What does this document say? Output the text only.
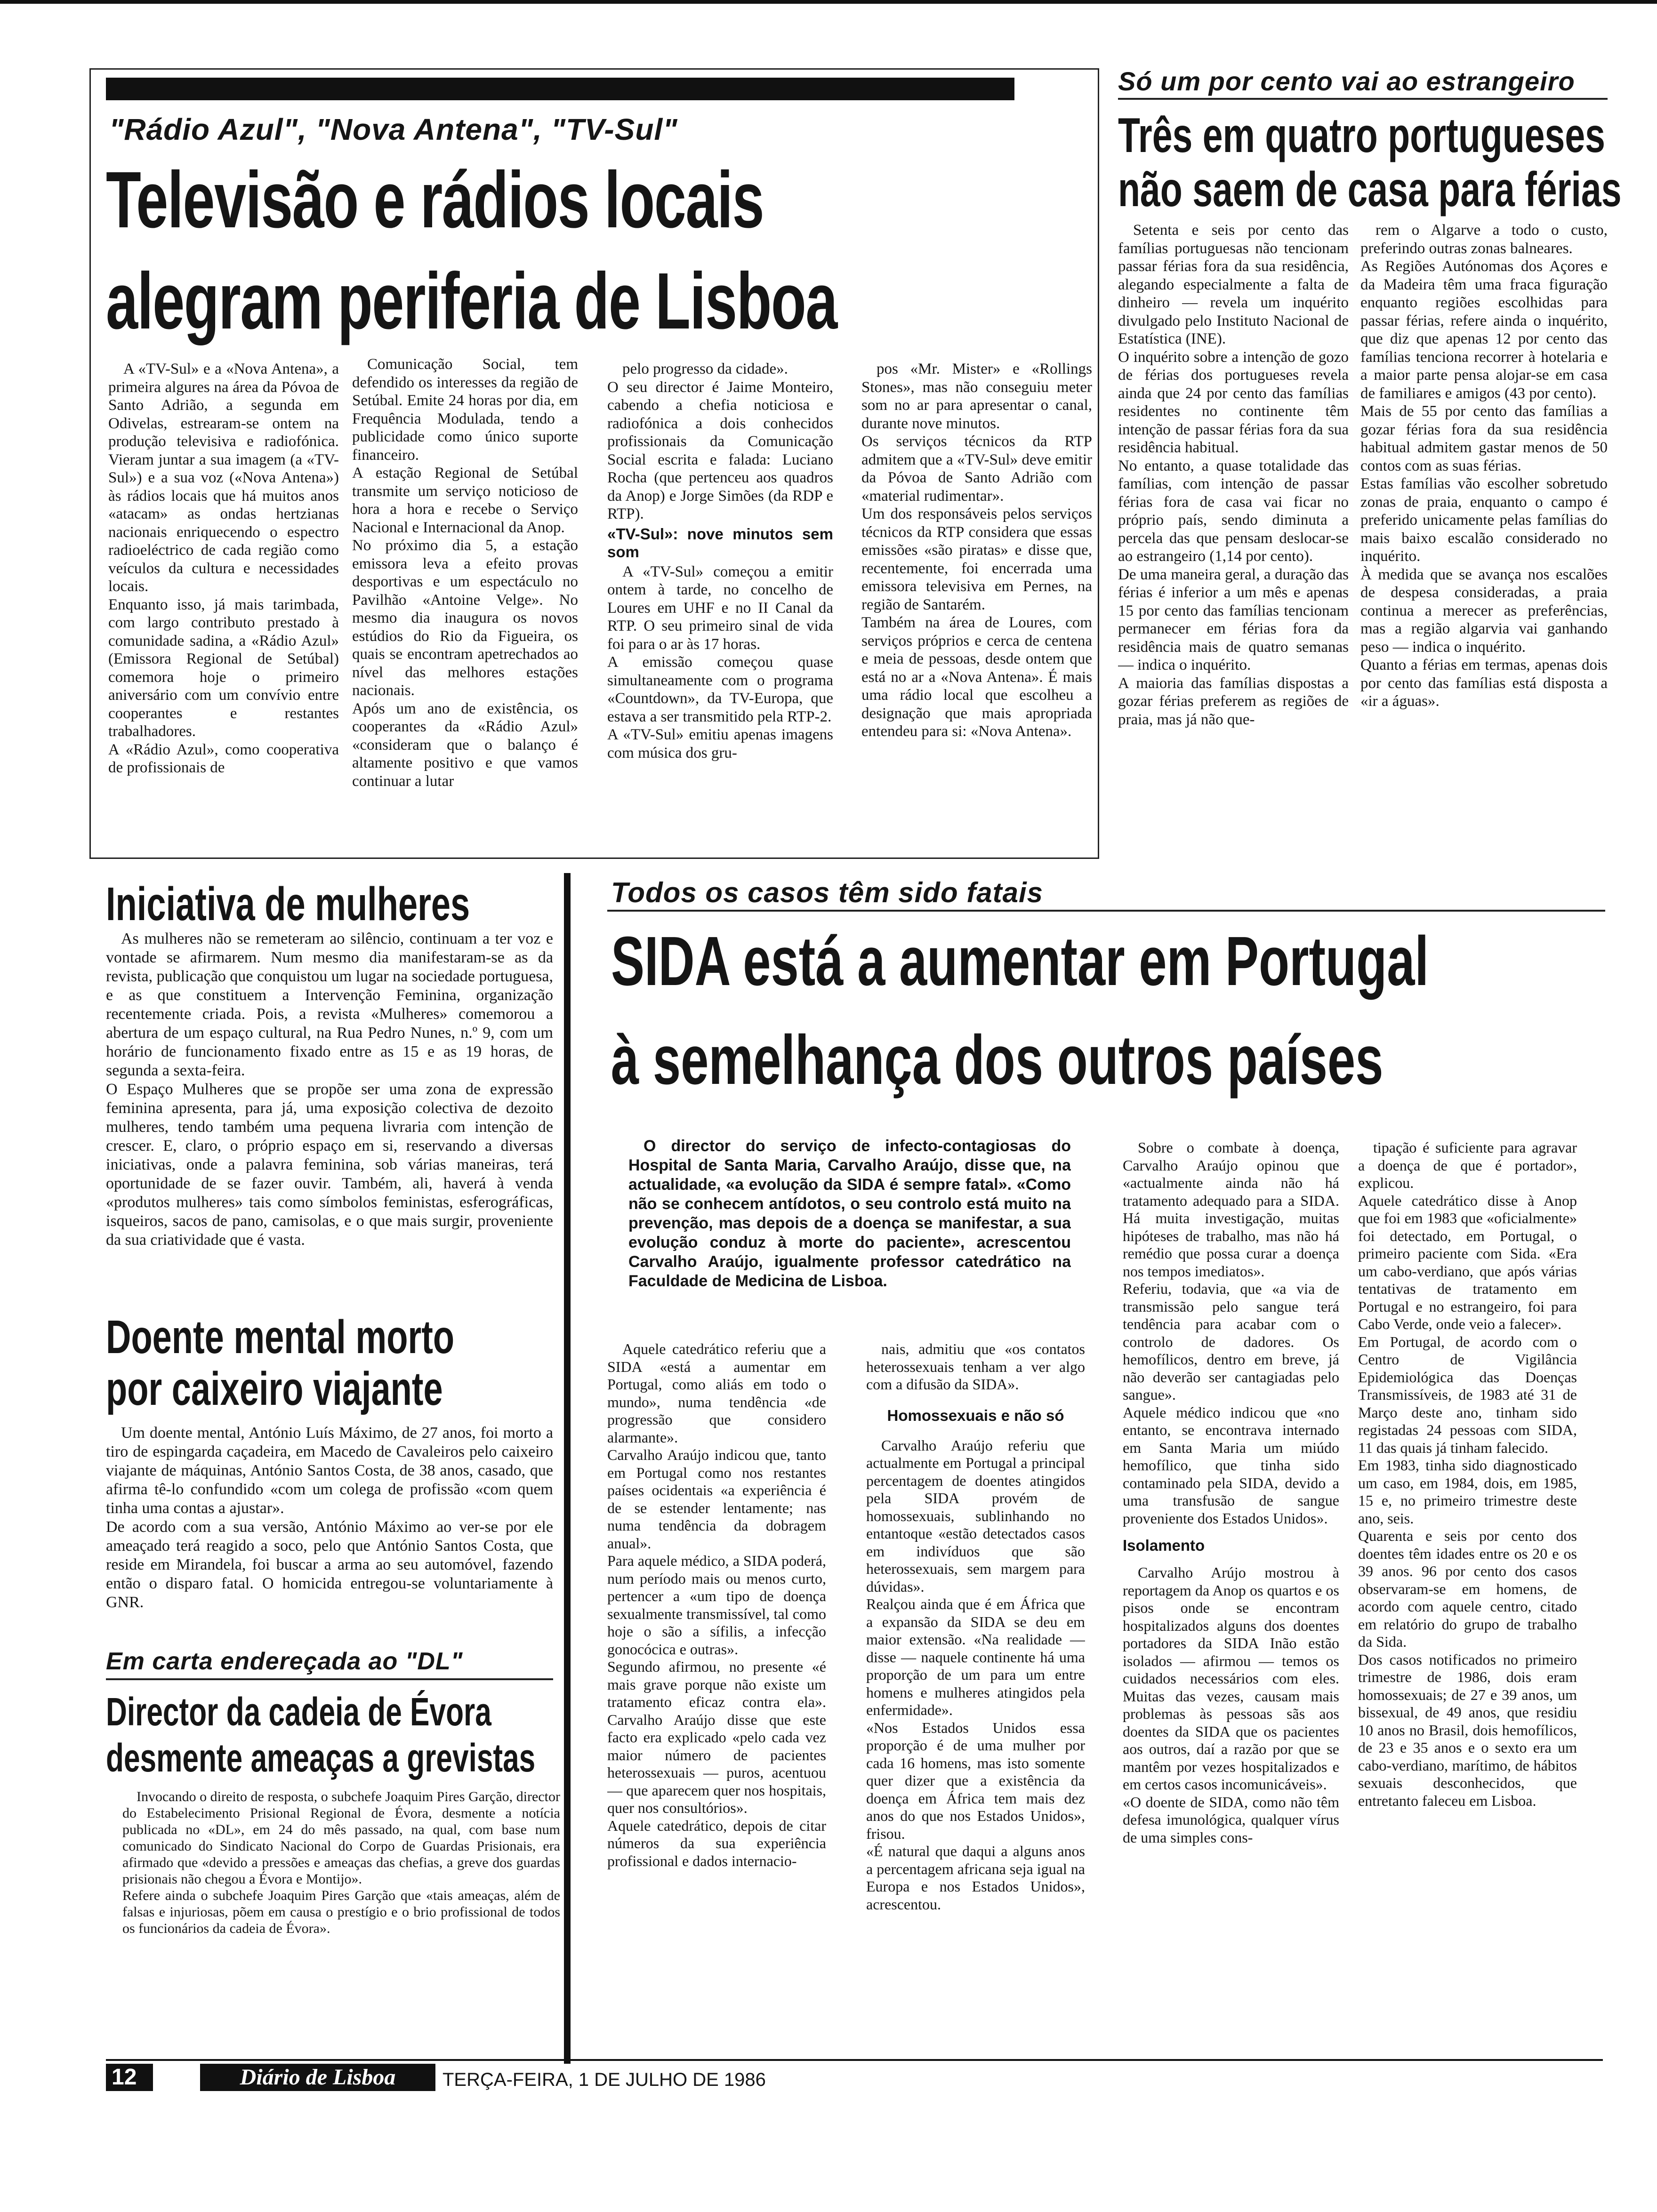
"Rádio Azul", "Nova Antena", "TV-Sul"
Televisão e rádios locais
alegram periferia de Lisboa
A «TV-Sul» e a «Nova Antena», a primeira algures na área da Póvoa de Santo Adrião, a segunda em Odivelas, estrearam-se ontem na produção televisiva e radiofónica. Vieram juntar a sua imagem (a «TV-Sul») e a sua voz («Nova Antena») às rádios locais que há muitos anos «atacam» as ondas hertzianas nacionais enriquecendo o espectro radioeléctrico de cada região como veículos da cultura e necessidades locais.
Enquanto isso, já mais tarimbada, com largo contributo prestado à comunidade sadina, a «Rádio Azul» (Emissora Regional de Setúbal) comemora hoje o primeiro aniversário com um convívio entre cooperantes e restantes trabalhadores.
A «Rádio Azul», como cooperativa de profissionais de
Comunicação Social, tem defendido os interesses da região de Setúbal. Emite 24 horas por dia, em Frequência Modulada, tendo a publicidade como único suporte financeiro.
A estação Regional de Setúbal transmite um serviço noticioso de hora a hora e recebe o Serviço Nacional e Internacional da Anop.
No próximo dia 5, a estação emissora leva a efeito provas desportivas e um espectáculo no Pavilhão «Antoine Velge». No mesmo dia inaugura os novos estúdios do Rio da Figueira, os quais se encontram apetrechados ao nível das melhores estações nacionais.
Após um ano de existência, os cooperantes da «Rádio Azul» «consideram que o balanço é altamente positivo e que vamos continuar a lutar
pelo progresso da cidade».
O seu director é Jaime Monteiro, cabendo a chefia noticiosa e radiofónica a dois conhecidos profissionais da Comunicação Social escrita e falada: Luciano Rocha (que pertenceu aos quadros da Anop) e Jorge Simões (da RDP e RTP).
«TV-Sul»: nove minutos sem som
A «TV-Sul» começou a emitir ontem à tarde, no concelho de Loures em UHF e no II Canal da RTP. O seu primeiro sinal de vida foi para o ar às 17 horas.
A emissão começou quase simultaneamente com o programa «Countdown», da TV-Europa, que estava a ser transmitido pela RTP-2.
A «TV-Sul» emitiu apenas imagens com música dos gru-
pos «Mr. Mister» e «Rollings Stones», mas não conseguiu meter som no ar para apresentar o canal, durante nove minutos.
Os serviços técnicos da RTP admitem que a «TV-Sul» deve emitir da Póvoa de Santo Adrião com «material rudimentar».
Um dos responsáveis pelos serviços técnicos da RTP considera que essas emissões «são piratas» e disse que, recentemente, foi encerrada uma emissora televisiva em Pernes, na região de Santarém.
Também na área de Loures, com serviços próprios e cerca de centena e meia de pessoas, desde ontem que está no ar a «Nova Antena». É mais uma rádio local que escolheu a designação que mais apropriada entendeu para si: «Nova Antena».
Só um por cento vai ao estrangeiro
Três em quatro portugueses
não saem de casa para férias
Setenta e seis por cento das famílias portuguesas não tencionam passar férias fora da sua residência, alegando especialmente a falta de dinheiro — revela um inquérito divulgado pelo Instituto Nacional de Estatística (INE).
O inquérito sobre a intenção de gozo de férias dos portugueses revela ainda que 24 por cento das famílias residentes no continente têm intenção de passar férias fora da sua residência habitual.
No entanto, a quase totalidade das famílias, com intenção de passar férias fora de casa vai ficar no próprio país, sendo diminuta a percela das que pensam deslocar-se ao estrangeiro (1,14 por cento).
De uma maneira geral, a duração das férias é inferior a um mês e apenas 15 por cento das famílias tencionam permanecer em férias fora da residência mais de quatro semanas — indica o inquérito.
A maioria das famílias dispostas a gozar férias preferem as regiões de praia, mas já não que-
rem o Algarve a todo o custo, preferindo outras zonas balneares.
As Regiões Autónomas dos Açores e da Madeira têm uma fraca figuração enquanto regiões escolhidas para passar férias, refere ainda o inquérito, que diz que apenas 12 por cento das famílias tenciona recorrer à hotelaria e a maior parte pensa alojar-se em casa de familiares e amigos (43 por cento).
Mais de 55 por cento das famílias a gozar férias fora da sua residência habitual admitem gastar menos de 50 contos com as suas férias.
Estas famílias vão escolher sobretudo zonas de praia, enquanto o campo é preferido unicamente pelas famílias do mais baixo escalão considerado no inquérito.
À medida que se avança nos escalões de despesa consideradas, a praia continua a merecer as preferências, mas a região algarvia vai ganhando peso — indica o inquérito.
Quanto a férias em termas, apenas dois por cento das famílias está disposta a «ir a águas».
Iniciativa de mulheres
As mulheres não se remeteram ao silêncio, continuam a ter voz e vontade se afirmarem. Num mesmo dia manifestaram-se as da revista, publicação que conquistou um lugar na sociedade portuguesa, e as que constituem a Intervenção Feminina, organização recentemente criada. Pois, a revista «Mulheres» comemorou a abertura de um espaço cultural, na Rua Pedro Nunes, n.º 9, com um horário de funcionamento fixado entre as 15 e as 19 horas, de segunda a sexta-feira.
O Espaço Mulheres que se propõe ser uma zona de expressão feminina apresenta, para já, uma exposição colectiva de dezoito mulheres, tendo também uma pequena livraria com intenção de crescer. E, claro, o próprio espaço em si, reservando a diversas iniciativas, onde a palavra feminina, sob várias maneiras, terá oportunidade de se fazer ouvir. Também, ali, haverá à venda «produtos mulheres» tais como símbolos feministas, esferográficas, isqueiros, sacos de pano, camisolas, e o que mais surgir, proveniente da sua criatividade que é vasta.
Doente mental morto
por caixeiro viajante
Um doente mental, António Luís Máximo, de 27 anos, foi morto a tiro de espingarda caçadeira, em Macedo de Cavaleiros pelo caixeiro viajante de máquinas, António Santos Costa, de 38 anos, casado, que afirma tê-lo confundido «com um colega de profissão «com quem tinha uma contas a ajustar».
De acordo com a sua versão, António Máximo ao ver-se por ele ameaçado terá reagido a soco, pelo que António Santos Costa, que reside em Mirandela, foi buscar a arma ao seu automóvel, fazendo então o disparo fatal. O homicida entregou-se voluntariamente à GNR.
Em carta endereçada ao "DL"
Director da cadeia de Évora
desmente ameaças a grevistas
Invocando o direito de resposta, o subchefe Joaquim Pires Garção, director do Estabelecimento Prisional Regional de Évora, desmente a notícia publicada no «DL», em 24 do mês passado, na qual, com base num comunicado do Sindicato Nacional do Corpo de Guardas Prisionais, era afirmado que «devido a pressões e ameaças das chefias, a greve dos guardas prisionais não chegou a Évora e Montijo».
Refere ainda o subchefe Joaquim Pires Garção que «tais ameaças, além de falsas e injuriosas, põem em causa o prestígio e o brio profissional de todos os funcionários da cadeia de Évora».
Todos os casos têm sido fatais
SIDA está a aumentar em Portugal
à semelhança dos outros países
O director do serviço de infecto-contagiosas do Hospital de Santa Maria, Carvalho Araújo, disse que, na actualidade, «a evolução da SIDA é sempre fatal». «Como não se conhecem antídotos, o seu controlo está muito na prevenção, mas depois de a doença se manifestar, a sua evolução conduz à morte do paciente», acrescentou Carvalho Araújo, igualmente professor catedrático na Faculdade de Medicina de Lisboa.
Aquele catedrático referiu que a SIDA «está a aumentar em Portugal, como aliás em todo o mundo», numa tendência «de progressão que considero alarmante».
Carvalho Araújo indicou que, tanto em Portugal como nos restantes países ocidentais «a experiência é de se estender lentamente; nas numa tendência da dobragem anual».
Para aquele médico, a SIDA poderá, num período mais ou menos curto, pertencer a «um tipo de doença sexualmente transmissível, tal como hoje o são a sífilis, a infecção gonocócica e outras».
Segundo afirmou, no presente «é mais grave porque não existe um tratamento eficaz contra ela». Carvalho Araújo disse que este facto era explicado «pelo cada vez maior número de pacientes heterossexuais — puros, acentuou — que aparecem quer nos hospitais, quer nos consultórios».
Aquele catedrático, depois de citar números da sua experiência profissional e dados internacio-
nais, admitiu que «os contatos heterossexuais tenham a ver algo com a difusão da SIDA».
Homossexuais e não só
Carvalho Araújo referiu que actualmente em Portugal a principal percentagem de doentes atingidos pela SIDA provém de homossexuais, sublinhando no entantoque «estão detectados casos em indivíduos que são heterossexuais, sem margem para dúvidas».
Realçou ainda que é em África que a expansão da SIDA se deu em maior extensão. «Na realidade — disse — naquele continente há uma proporção de um para um entre homens e mulheres atingidos pela enfermidade».
«Nos Estados Unidos essa proporção é de uma mulher por cada 16 homens, mas isto somente quer dizer que a existência da doença em África tem mais dez anos do que nos Estados Unidos», frisou.
«É natural que daqui a alguns anos a percentagem africana seja igual na Europa e nos Estados Unidos», acrescentou.
Sobre o combate à doença, Carvalho Araújo opinou que «actualmente ainda não há tratamento adequado para a SIDA. Há muita investigação, muitas hipóteses de trabalho, mas não há remédio que possa curar a doença nos tempos imediatos».
Referiu, todavia, que «a via de transmissão pelo sangue terá tendência para acabar com o controlo de dadores. Os hemofílicos, dentro em breve, já não deverão ser cantagiadas pelo sangue».
Aquele médico indicou que «no entanto, se encontrava internado em Santa Maria um miúdo hemofílico, que tinha sido contaminado pela SIDA, devido a uma transfusão de sangue proveniente dos Estados Unidos».
Isolamento
Carvalho Arújo mostrou à reportagem da Anop os quartos e os pisos onde se encontram hospitalizados alguns dos doentes portadores da SIDA Inão estão isolados — afirmou — temos os cuidados necessários com eles. Muitas das vezes, causam mais problemas às pessoas sãs aos doentes da SIDA que os pacientes aos outros, daí a razão por que se mantêm por vezes hospitalizados e em certos casos incomunicáveis».
«O doente de SIDA, como não têm defesa imunológica, qualquer vírus de uma simples cons-
tipação é suficiente para agravar a doença de que é portador», explicou.
Aquele catedrático disse à Anop que foi em 1983 que «oficialmente» foi detectado, em Portugal, o primeiro paciente com Sida. «Era um cabo-verdiano, que após várias tentativas de tratamento em Portugal e no estrangeiro, foi para Cabo Verde, onde veio a falecer».
Em Portugal, de acordo com o Centro de Vigilância Epidemiológica das Doenças Transmissíveis, de 1983 até 31 de Março deste ano, tinham sido registadas 24 pessoas com SIDA, 11 das quais já tinham falecido.
Em 1983, tinha sido diagnosticado um caso, em 1984, dois, em 1985, 15 e, no primeiro trimestre deste ano, seis.
Quarenta e seis por cento dos doentes têm idades entre os 20 e os 39 anos. 96 por cento dos casos observaram-se em homens, de acordo com aquele centro, citado em relatório do grupo de trabalho da Sida.
Dos casos notificados no primeiro trimestre de 1986, dois eram homossexuais; de 27 e 39 anos, um bissexual, de 49 anos, que residiu 10 anos no Brasil, dois hemofílicos, de 23 e 35 anos e o sexto era um cabo-verdiano, marítimo, de hábitos sexuais desconhecidos, que entretanto faleceu em Lisboa.
12	Diário de Lisboa	TERÇA-FEIRA, 1 DE JULHO DE 1986
